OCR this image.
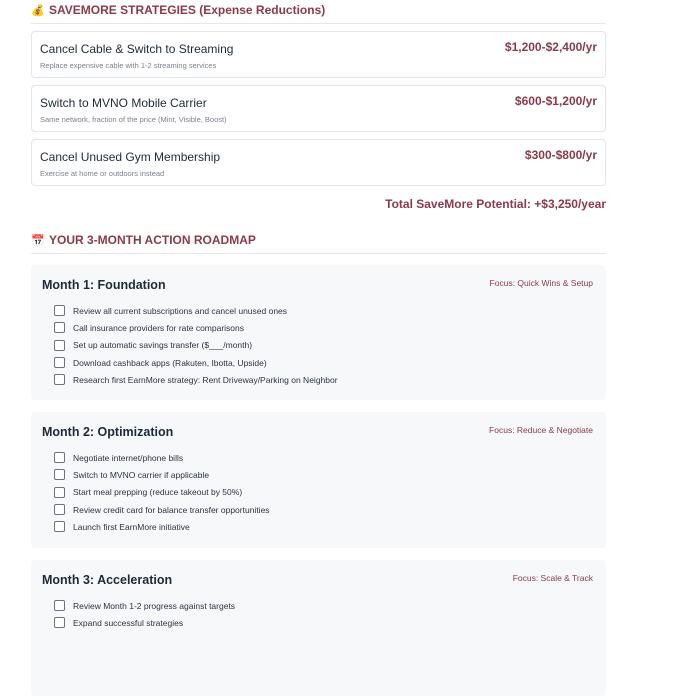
💰 SAVEMORE STRATEGIES (Expense Reductions)
Cancel Cable & Switch to Streaming
Replace expensive cable with 1-2 streaming services
$1,200-$2,400/yr
Switch to MVNO Mobile Carrier
Same network, fraction of the price (Mint, Visible, Boost)
$600-$1,200/yr
Cancel Unused Gym Membership
Exercise at home or outdoors instead
$300-$800/yr
Total SaveMore Potential: +$3,250/year
📅 YOUR 3-MONTH ACTION ROADMAP
Month 1: Foundation	Focus: Quick Wins & Setup
Review all current subscriptions and cancel unused ones
Call insurance providers for rate comparisons
Set up automatic savings transfer ($___/month)
Download cashback apps (Rakuten, Ibotta, Upside)
Research first EarnMore strategy: Rent Driveway/Parking on Neighbor
Month 2: Optimization	Focus: Reduce & Negotiate
Negotiate internet/phone bills
Switch to MVNO carrier if applicable
Start meal prepping (reduce takeout by 50%)
Review credit card for balance transfer opportunities
Launch first EarnMore initiative
Month 3: Acceleration	Focus: Scale & Track
Review Month 1-2 progress against targets
Expand successful strategies
